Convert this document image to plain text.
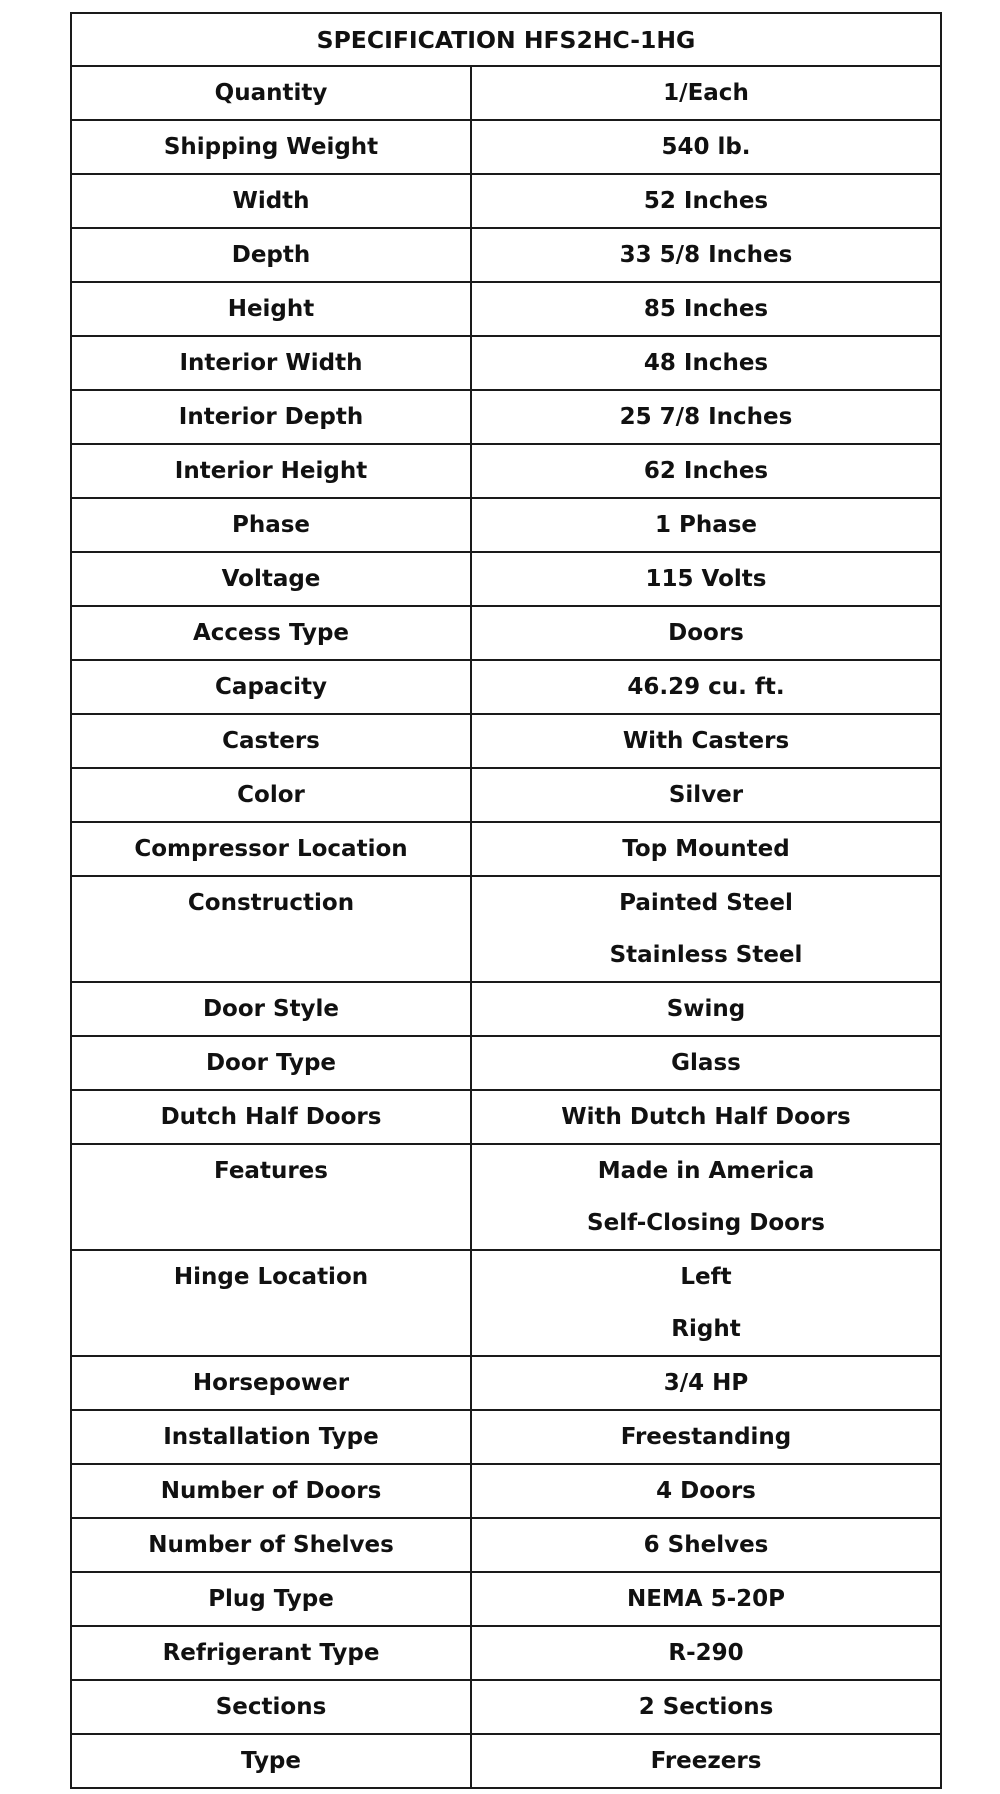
SPECIFICATION HFS2HC-1HG	
Quantity	1/Each
Shipping Weight	540 lb.
Width	52 Inches
Depth	33 5/8 Inches
Height	85 Inches
Interior Width	48 Inches
Interior Depth	25 7/8 Inches
Interior Height	62 Inches
Phase	1 Phase
Voltage	115 Volts
Access Type	Doors
Capacity	46.29 cu. ft.
Casters	With Casters
Color	Silver
Compressor Location	Top Mounted

Construction	Painted Steel
Stainless Steel

Door Style	Swing
Door Type	Glass
Dutch Half Doors	With Dutch Half Doors

Features	Made in America
Self-Closing Doors

Hinge Location	Left
Right

Horsepower	3/4 HP
Installation Type	Freestanding
Number of Doors	4 Doors
Number of Shelves	6 Shelves
Plug Type	NEMA 5-20P
Refrigerant Type	R-290
Sections	2 Sections
Type	Freezers
